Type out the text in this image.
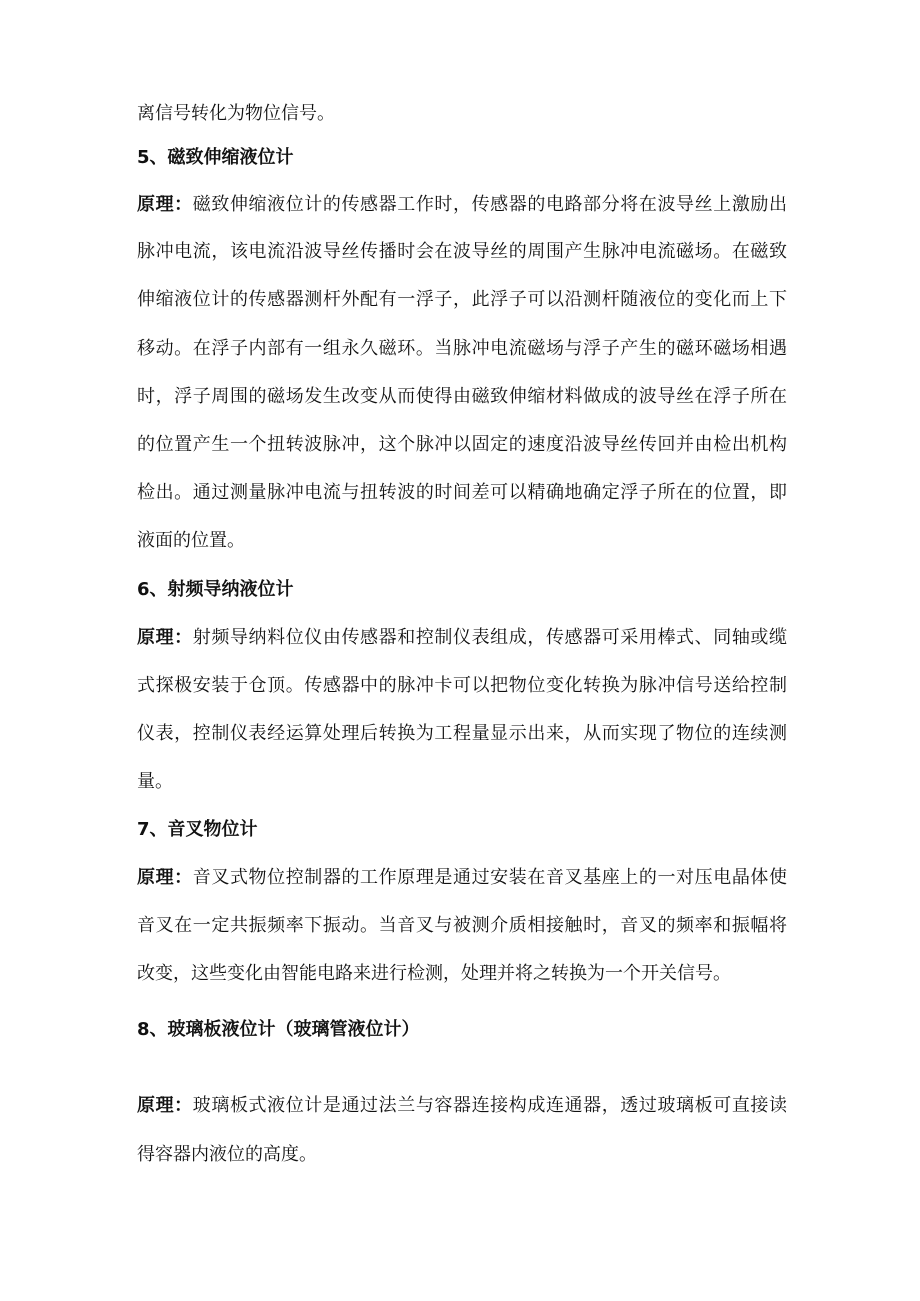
离信号转化为物位信号。
5、磁致伸缩液位计
原理：磁致伸缩液位计的传感器工作时，传感器的电路部分将在波导丝上激励出
脉冲电流，该电流沿波导丝传播时会在波导丝的周围产生脉冲电流磁场。在磁致
伸缩液位计的传感器测杆外配有一浮子，此浮子可以沿测杆随液位的变化而上下
移动。在浮子内部有一组永久磁环。当脉冲电流磁场与浮子产生的磁环磁场相遇
时，浮子周围的磁场发生改变从而使得由磁致伸缩材料做成的波导丝在浮子所在
的位置产生一个扭转波脉冲，这个脉冲以固定的速度沿波导丝传回并由检出机构
检出。通过测量脉冲电流与扭转波的时间差可以精确地确定浮子所在的位置，即
液面的位置。
6、射频导纳液位计
原理：射频导纳料位仪由传感器和控制仪表组成，传感器可采用棒式、同轴或缆
式探极安装于仓顶。传感器中的脉冲卡可以把物位变化转换为脉冲信号送给控制
仪表，控制仪表经运算处理后转换为工程量显示出来，从而实现了物位的连续测
量。
7、音叉物位计
原理：音叉式物位控制器的工作原理是通过安装在音叉基座上的一对压电晶体使
音叉在一定共振频率下振动。当音叉与被测介质相接触时，音叉的频率和振幅将
改变，这些变化由智能电路来进行检测，处理并将之转换为一个开关信号。
8、玻璃板液位计（玻璃管液位计）
原理：玻璃板式液位计是通过法兰与容器连接构成连通器，透过玻璃板可直接读
得容器内液位的高度。
